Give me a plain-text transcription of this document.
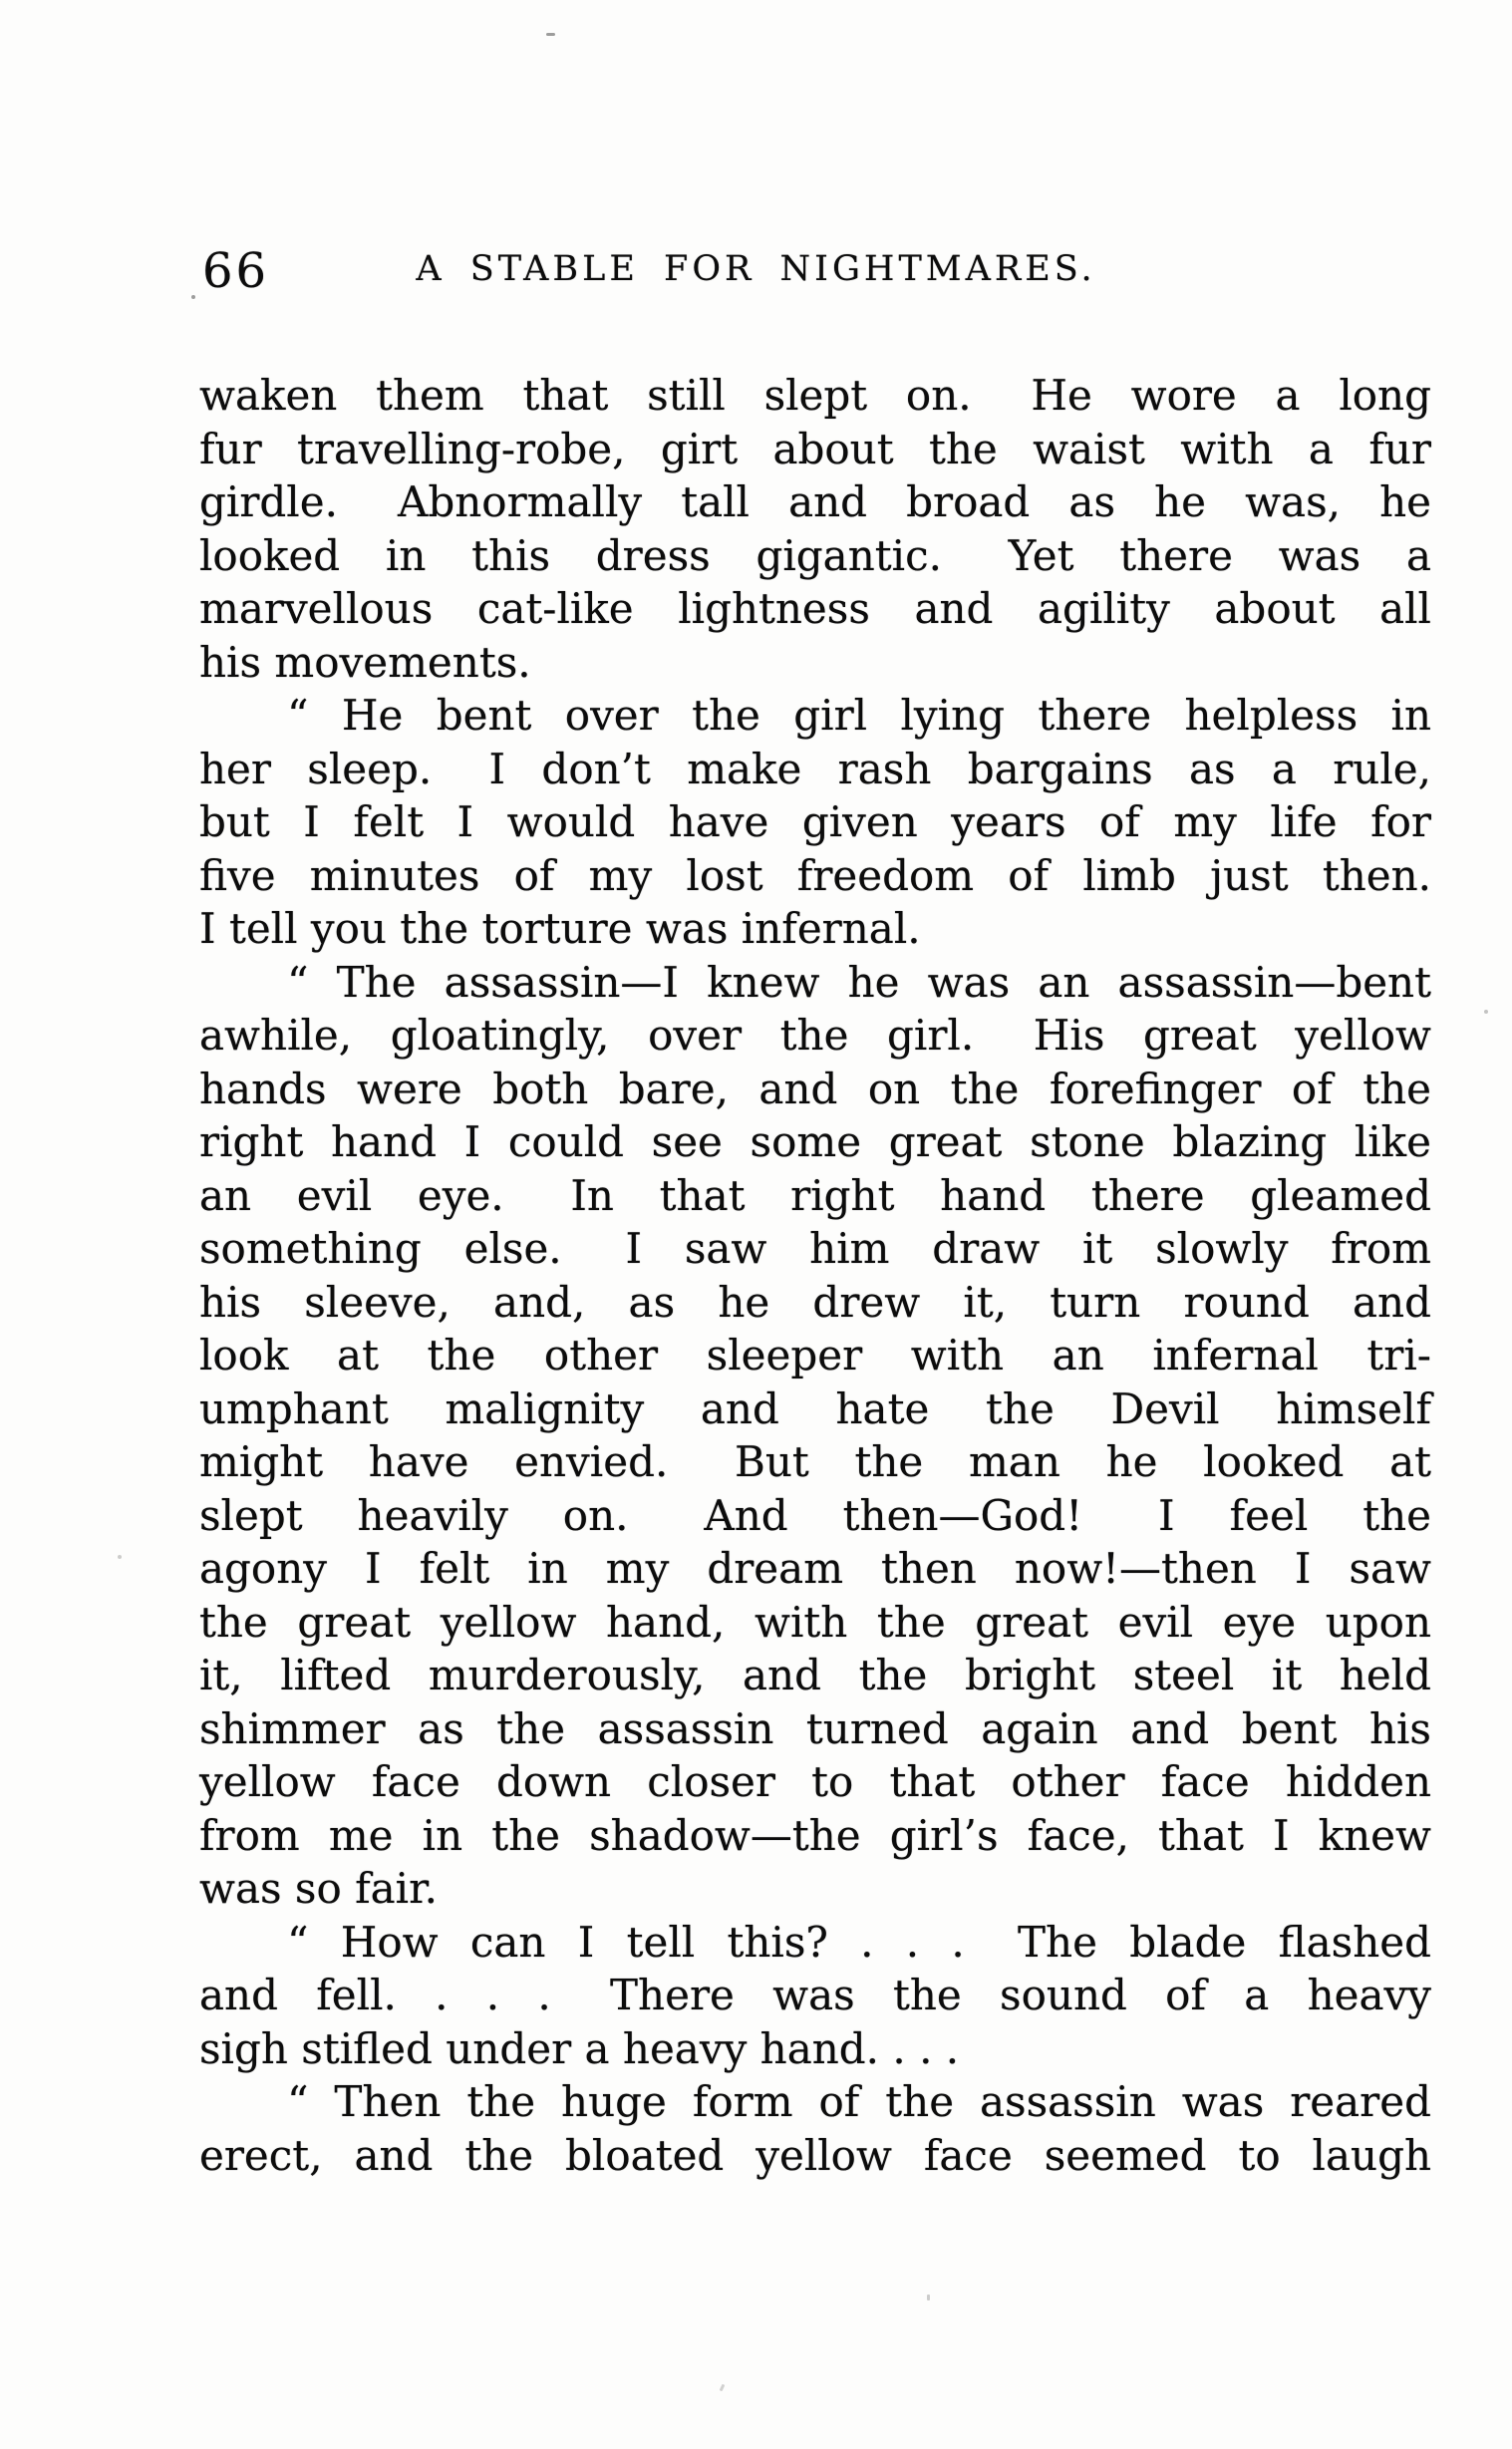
66	A STABLE FOR NIGHTMARES.
waken them that still slept on.  He wore a long
fur travelling-robe, girt about the waist with a fur
girdle.  Abnormally tall and broad as he was, he
looked in this dress gigantic.  Yet there was a
marvellous cat-like lightness and agility about all
his movements.
“ He bent over the girl lying there helpless in
her sleep.  I don’t make rash bargains as a rule,
but I felt I would have given years of my life for
five minutes of my lost freedom of limb just then.
I tell you the torture was infernal.
“ The assassin—I knew he was an assassin—bent
awhile, gloatingly, over the girl.  His great yellow
hands were both bare, and on the forefinger of the
right hand I could see some great stone blazing like
an evil eye.  In that right hand there gleamed
something else.  I saw him draw it slowly from
his sleeve, and, as he drew it, turn round and
look at the other sleeper with an infernal tri-
umphant malignity and hate the Devil himself
might have envied.  But the man he looked at
slept heavily on.  And then—God!  I feel the
agony I felt in my dream then now!—then I saw
the great yellow hand, with the great evil eye upon
it, lifted murderously, and the bright steel it held
shimmer as the assassin turned again and bent his
yellow face down closer to that other face hidden
from me in the shadow—the girl’s face, that I knew
was so fair.
“ How can I tell this? . . .  The blade flashed
and fell. . . .  There was the sound of a heavy
sigh stifled under a heavy hand. . . .
“ Then the huge form of the assassin was reared
erect, and the bloated yellow face seemed to laugh
